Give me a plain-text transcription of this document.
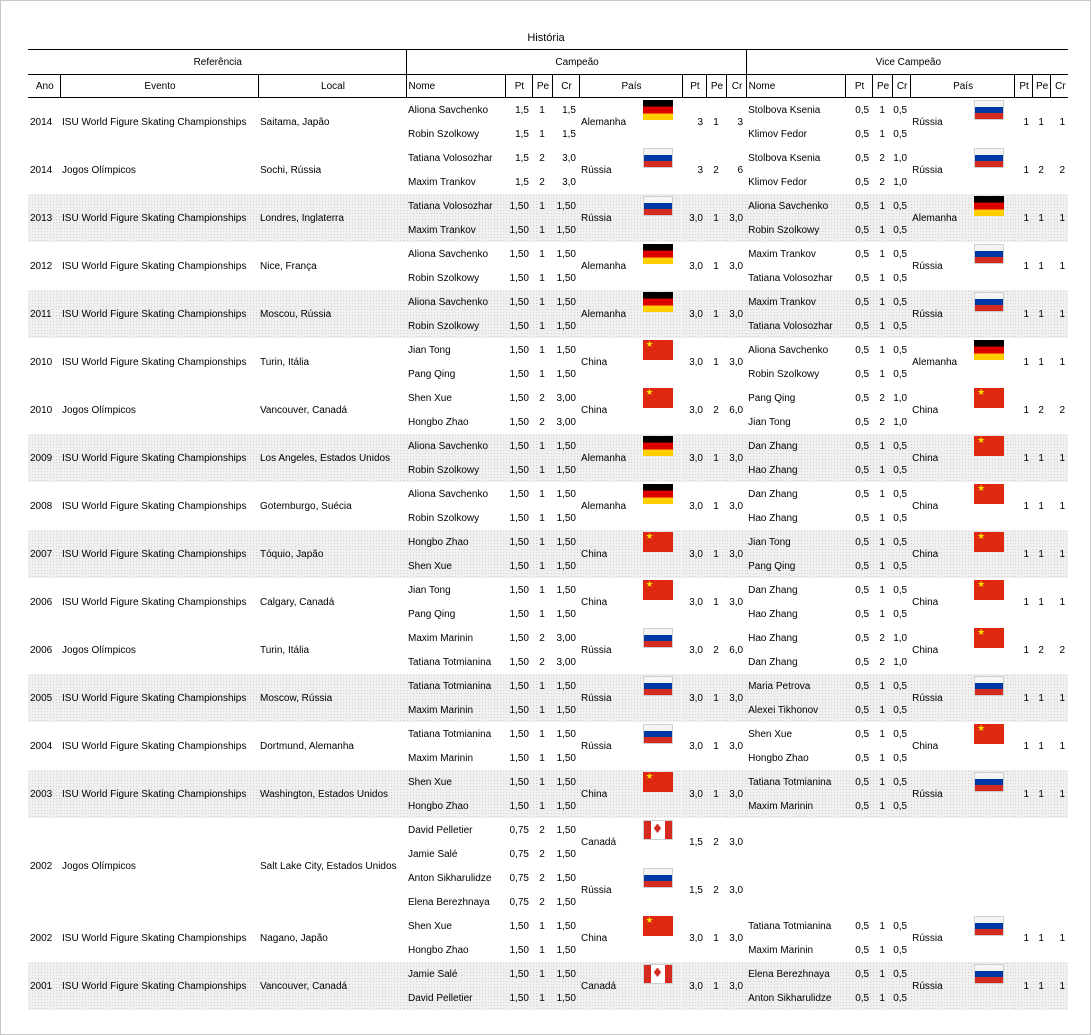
História
Referência			Campeão									Vice Campeão								
Ano	Evento	Local	Nome	Pt	Pe	Cr	País		Pt	Pe	Cr	Nome	Pt	Pe	Cr	País		Pt	Pe	Cr
2014	ISU World Figure Skating Championships	Saitama, Japão	Aliona Savchenko	1,5	1	1,5	Alemanha		3	1	3	Stolbova Ksenia	0,5	1	0,5	Rússia		1	1	1
			Robin Szolkowy	1,5	1	1,5						Klimov Fedor	0,5	1	0,5					
2014	Jogos Olímpicos	Sochi, Rússia	Tatiana Volosozhar	1,5	2	3,0	Rússia		3	2	6	Stolbova Ksenia	0,5	2	1,0	Rússia		1	2	2
			Maxim Trankov	1,5	2	3,0						Klimov Fedor	0,5	2	1,0					
2013	ISU World Figure Skating Championships	Londres, Inglaterra	Tatiana Volosozhar	1,50	1	1,50	Rússia		3,0	1	3,0	Aliona Savchenko	0,5	1	0,5	Alemanha		1	1	1
			Maxim Trankov	1,50	1	1,50						Robin Szolkowy	0,5	1	0,5					
2012	ISU World Figure Skating Championships	Nice, França	Aliona Savchenko	1,50	1	1,50	Alemanha		3,0	1	3,0	Maxim Trankov	0,5	1	0,5	Rússia		1	1	1
			Robin Szolkowy	1,50	1	1,50						Tatiana Volosozhar	0,5	1	0,5					
2011	ISU World Figure Skating Championships	Moscou, Rússia	Aliona Savchenko	1,50	1	1,50	Alemanha		3,0	1	3,0	Maxim Trankov	0,5	1	0,5	Rússia		1	1	1
			Robin Szolkowy	1,50	1	1,50						Tatiana Volosozhar	0,5	1	0,5					
2010	ISU World Figure Skating Championships	Turin, Itália	Jian Tong	1,50	1	1,50	China	★	3,0	1	3,0	Aliona Savchenko	0,5	1	0,5	Alemanha		1	1	1
			Pang Qing	1,50	1	1,50						Robin Szolkowy	0,5	1	0,5					
2010	Jogos Olímpicos	Vancouver, Canadá	Shen Xue	1,50	2	3,00	China	★	3,0	2	6,0	Pang Qing	0,5	2	1,0	China	★	1	2	2
			Hongbo Zhao	1,50	2	3,00						Jian Tong	0,5	2	1,0					
2009	ISU World Figure Skating Championships	Los Angeles, Estados Unidos	Aliona Savchenko	1,50	1	1,50	Alemanha		3,0	1	3,0	Dan Zhang	0,5	1	0,5	China	★	1	1	1
			Robin Szolkowy	1,50	1	1,50						Hao Zhang	0,5	1	0,5					
2008	ISU World Figure Skating Championships	Gotemburgo, Suécia	Aliona Savchenko	1,50	1	1,50	Alemanha		3,0	1	3,0	Dan Zhang	0,5	1	0,5	China	★	1	1	1
			Robin Szolkowy	1,50	1	1,50						Hao Zhang	0,5	1	0,5					
2007	ISU World Figure Skating Championships	Tóquio, Japão	Hongbo Zhao	1,50	1	1,50	China	★	3,0	1	3,0	Jian Tong	0,5	1	0,5	China	★	1	1	1
			Shen Xue	1,50	1	1,50						Pang Qing	0,5	1	0,5					
2006	ISU World Figure Skating Championships	Calgary, Canadá	Jian Tong	1,50	1	1,50	China	★	3,0	1	3,0	Dan Zhang	0,5	1	0,5	China	★	1	1	1
			Pang Qing	1,50	1	1,50						Hao Zhang	0,5	1	0,5					
2006	Jogos Olímpicos	Turin, Itália	Maxim Marinin	1,50	2	3,00	Rússia		3,0	2	6,0	Hao Zhang	0,5	2	1,0	China	★	1	2	2
			Tatiana Totmianina	1,50	2	3,00						Dan Zhang	0,5	2	1,0					
2005	ISU World Figure Skating Championships	Moscow, Rússia	Tatiana Totmianina	1,50	1	1,50	Rússia		3,0	1	3,0	Maria Petrova	0,5	1	0,5	Rússia		1	1	1
			Maxim Marinin	1,50	1	1,50						Alexei Tikhonov	0,5	1	0,5					
2004	ISU World Figure Skating Championships	Dortmund, Alemanha	Tatiana Totmianina	1,50	1	1,50	Rússia		3,0	1	3,0	Shen Xue	0,5	1	0,5	China	★	1	1	1
			Maxim Marinin	1,50	1	1,50						Hongbo Zhao	0,5	1	0,5					
2003	ISU World Figure Skating Championships	Washington, Estados Unidos	Shen Xue	1,50	1	1,50	China	★	3,0	1	3,0	Tatiana Totmianina	0,5	1	0,5	Rússia		1	1	1
			Hongbo Zhao	1,50	1	1,50						Maxim Marinin	0,5	1	0,5					
2002	Jogos Olímpicos	Salt Lake City, Estados Unidos	David Pelletier	0,75	2	1,50	Canadá	♦	1,5	2	3,0									
			Jamie Salé	0,75	2	1,50														
			Anton Sikharulidze	0,75	2	1,50	Rússia		1,5	2	3,0									
			Elena Berezhnaya	0,75	2	1,50														
2002	ISU World Figure Skating Championships	Nagano, Japão	Shen Xue	1,50	1	1,50	China	★	3,0	1	3,0	Tatiana Totmianina	0,5	1	0,5	Rússia		1	1	1
			Hongbo Zhao	1,50	1	1,50						Maxim Marinin	0,5	1	0,5					
2001	ISU World Figure Skating Championships	Vancouver, Canadá	Jamie Salé	1,50	1	1,50	Canadá	♦	3,0	1	3,0	Elena Berezhnaya	0,5	1	0,5	Rússia		1	1	1
			David Pelletier	1,50	1	1,50						Anton Sikharulidze	0,5	1	0,5					
